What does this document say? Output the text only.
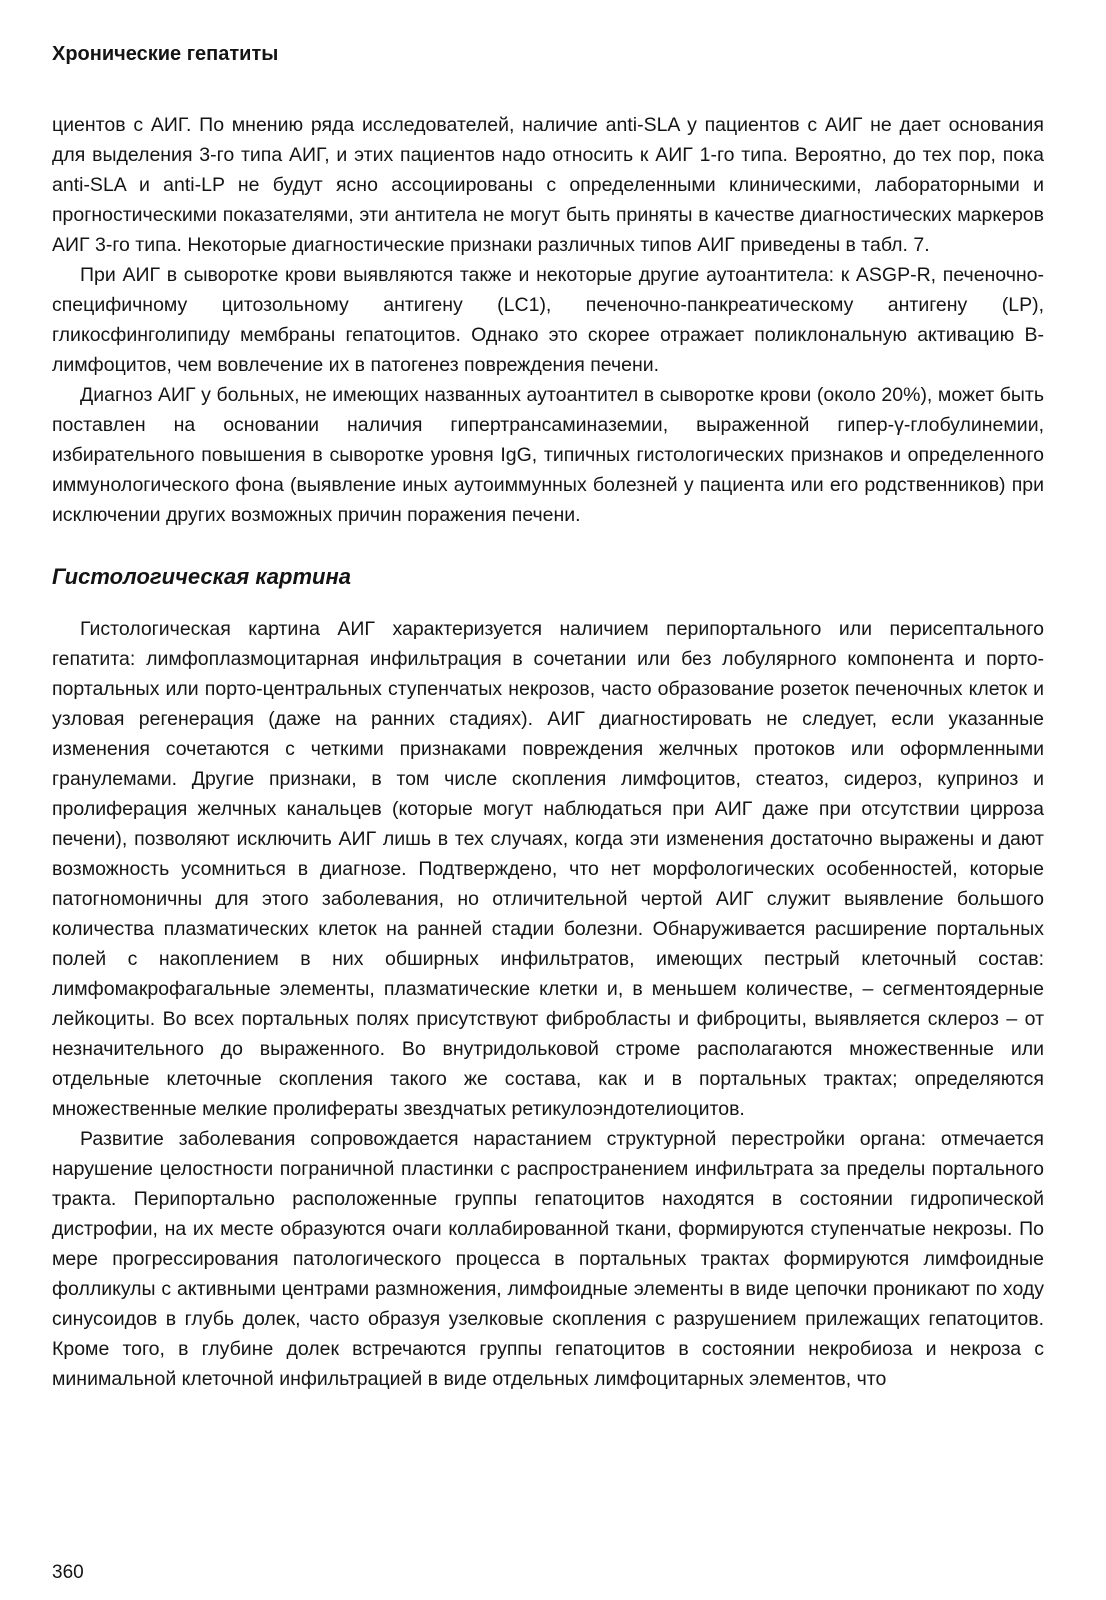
Хронические гепатиты

циентов с АИГ. По мнению ряда исследователей, наличие anti-SLA у пациентов с АИГ не дает основания для выделения 3-го типа АИГ, и этих пациентов надо относить к АИГ 1-го типа. Вероятно, до тех пор, пока anti-SLA и anti-LP не будут ясно ассоциированы с определенными клиническими, лабораторными и прогностическими показателями, эти антитела не могут быть приняты в качестве диагностических маркеров АИГ 3-го типа. Некоторые диагностические признаки различных типов АИГ приведены в табл. 7.

При АИГ в сыворотке крови выявляются также и некоторые другие аутоантитела: к ASGP-R, печеночно-специфичному цитозольному антигену (LC1), печеночно-панкреатическому антигену (LP), гликосфинголипиду мембраны гепатоцитов. Однако это скорее отражает поликлональную активацию В-лимфоцитов, чем вовлечение их в патогенез повреждения печени.

Диагноз АИГ у больных, не имеющих названных аутоантител в сыворотке крови (около 20%), может быть поставлен на основании наличия гипертрансаминаземии, выраженной гипер-γ-глобулинемии, избирательного повышения в сыворотке уровня IgG, типичных гистологических признаков и определенного иммунологического фона (выявление иных аутоиммунных болезней у пациента или его родственников) при исключении других возможных причин поражения печени.

Гистологическая картина

Гистологическая картина АИГ характеризуется наличием перипортального или перисептального гепатита: лимфоплазмоцитарная инфильтрация в сочетании или без лобулярного компонента и порто-портальных или порто-центральных ступенчатых некрозов, часто образование розеток печеночных клеток и узловая регенерация (даже на ранних стадиях). АИГ диагностировать не следует, если указанные изменения сочетаются с четкими признаками повреждения желчных протоков или оформленными гранулемами. Другие признаки, в том числе скопления лимфоцитов, стеатоз, сидероз, куприноз и пролиферация желчных канальцев (которые могут наблюдаться при АИГ даже при отсутствии цирроза печени), позволяют исключить АИГ лишь в тех случаях, когда эти изменения достаточно выражены и дают возможность усомниться в диагнозе. Подтверждено, что нет морфологических особенностей, которые патогномоничны для этого заболевания, но отличительной чертой АИГ служит выявление большого количества плазматических клеток на ранней стадии болезни. Обнаруживается расширение портальных полей с накоплением в них обширных инфильтратов, имеющих пестрый клеточный состав: лимфомакрофагальные элементы, плазматические клетки и, в меньшем количестве, – сегментоядерные лейкоциты. Во всех портальных полях присутствуют фибробласты и фиброциты, выявляется склероз – от незначительного до выраженного. Во внутридольковой строме располагаются множественные или отдельные клеточные скопления такого же состава, как и в портальных трактах; определяются множественные мелкие пролифераты звездчатых ретикулоэндотелиоцитов.

Развитие заболевания сопровождается нарастанием структурной перестройки органа: отмечается нарушение целостности пограничной пластинки с распространением инфильтрата за пределы портального тракта. Перипортально расположенные группы гепатоцитов находятся в состоянии гидропической дистрофии, на их месте образуются очаги коллабированной ткани, формируются ступенчатые некрозы. По мере прогрессирования патологического процесса в портальных трактах формируются лимфоидные фолликулы с активными центрами размножения, лимфоидные элементы в виде цепочки проникают по ходу синусоидов в глубь долек, часто образуя узелковые скопления с разрушением прилежащих гепатоцитов. Кроме того, в глубине долек встречаются группы гепатоцитов в состоянии некробиоза и некроза с минимальной клеточной инфильтрацией в виде отдельных лимфоцитарных элементов, что

360
